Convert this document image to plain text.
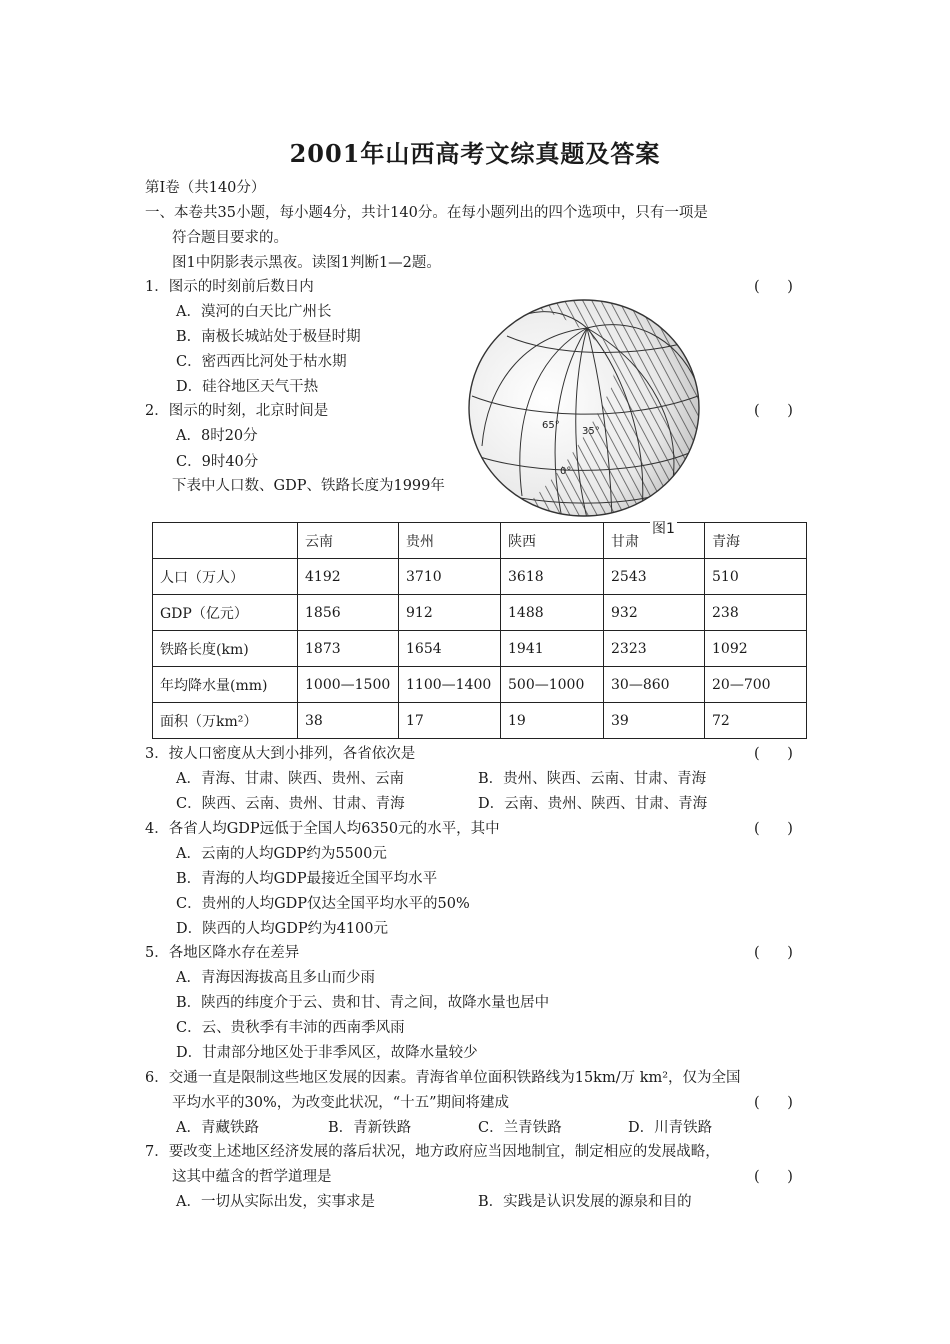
2001年山西高考文综真题及答案
第Ⅰ卷（共140分）
一、本卷共35小题，每小题4分，共计140分。在每小题列出的四个选项中，只有一项是
符合题目要求的。
图1中阴影表示黑夜。读图1判断1—2题。
1．图示的时刻前后数日内	(      )
A．漠河的白天比广州长
B．南极长城站处于极昼时期
C．密西西比河处于枯水期
D．硅谷地区天气干热
2．图示的时刻，北京时间是	(      )
A．8时20分
C．9时40分
下表中人口数、GDP、铁路长度为1999年
65°
35°
0°
	云南	贵州	陕西	甘肃	青海
人口（万人）	4192	3710	3618	2543	510
GDP（亿元）	1856	912	1488	932	238
铁路长度(km)	1873	1654	1941	2323	1092
年均降水量(mm)	1000—1500	1100—1400	500—1000	30—860	20—700
面积（万km²）	38	17	19	39	72
图1
3．按人口密度从大到小排列，各省依次是	(      )
A．青海、甘肃、陕西、贵州、云南	B．贵州、陕西、云南、甘肃、青海
C．陕西、云南、贵州、甘肃、青海	D．云南、贵州、陕西、甘肃、青海
4．各省人均GDP远低于全国人均6350元的水平，其中	(      )
A．云南的人均GDP约为5500元
B．青海的人均GDP最接近全国平均水平
C．贵州的人均GDP仅达全国平均水平的50%
D．陕西的人均GDP约为4100元
5．各地区降水存在差异	(      )
A．青海因海拔高且多山而少雨
B．陕西的纬度介于云、贵和甘、青之间，故降水量也居中
C．云、贵秋季有丰沛的西南季风雨
D．甘肃部分地区处于非季风区，故降水量较少
6．交通一直是限制这些地区发展的因素。青海省单位面积铁路线为15km/万 km²，仅为全国
平均水平的30%，为改变此状况，“十五”期间将建成	(      )
A．青藏铁路	B．青新铁路	C．兰青铁路	D．川青铁路
7．要改变上述地区经济发展的落后状况，地方政府应当因地制宜，制定相应的发展战略，
这其中蕴含的哲学道理是	(      )
A．一切从实际出发，实事求是	B．实践是认识发展的源泉和目的
